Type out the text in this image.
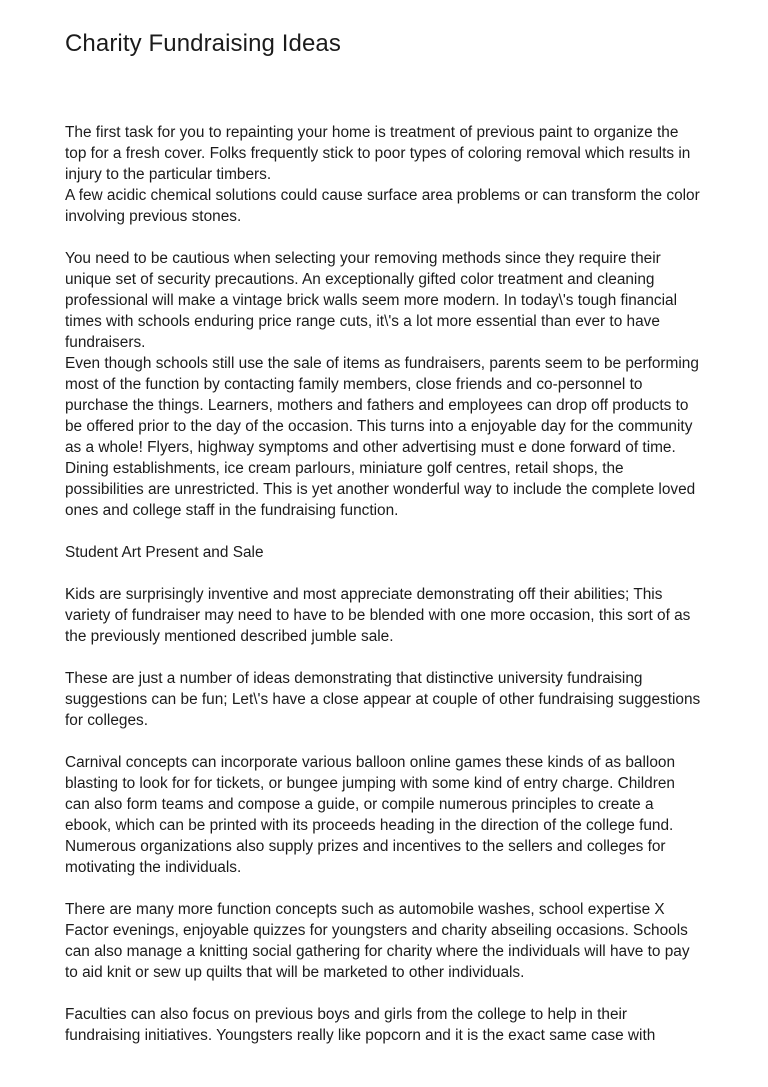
Charity Fundraising Ideas

The first task for you to repainting your home is treatment of previous paint to organize the top for a fresh cover. Folks frequently stick to poor types of coloring removal which results in injury to the particular timbers.

A few acidic chemical solutions could cause surface area problems or can transform the color involving previous stones.

You need to be cautious when selecting your removing methods since they require their unique set of security precautions. An exceptionally gifted color treatment and cleaning professional will make a vintage brick walls seem more modern. In today\'s tough financial times with schools enduring price range cuts, it\'s a lot more essential than ever to have fundraisers.

Even though schools still use the sale of items as fundraisers, parents seem to be performing most of the function by contacting family members, close friends and co-personnel to purchase the things. Learners, mothers and fathers and employees can drop off products to be offered prior to the day of the occasion. This turns into a enjoyable day for the community as a whole! Flyers, highway symptoms and other advertising must e done forward of time. Dining establishments, ice cream parlours, miniature golf centres, retail shops, the possibilities are unrestricted. This is yet another wonderful way to include the complete loved ones and college staff in the fundraising function.

Student Art Present and Sale

Kids are surprisingly inventive and most appreciate demonstrating off their abilities; This variety of fundraiser may need to have to be blended with one more occasion, this sort of as the previously mentioned described jumble sale.

These are just a number of ideas demonstrating that distinctive university fundraising suggestions can be fun; Let\'s have a close appear at couple of other fundraising suggestions for colleges.

Carnival concepts can incorporate various balloon online games these kinds of as balloon blasting to look for for tickets, or bungee jumping with some kind of entry charge. Children can also form teams and compose a guide, or compile numerous principles to create a ebook, which can be printed with its proceeds heading in the direction of the college fund. Numerous organizations also supply prizes and incentives to the sellers and colleges for motivating the individuals.

There are many more function concepts such as automobile washes, school expertise X Factor evenings, enjoyable quizzes for youngsters and charity abseiling occasions. Schools can also manage a knitting social gathering for charity where the individuals will have to pay to aid knit or sew up quilts that will be marketed to other individuals.

Faculties can also focus on previous boys and girls from the college to help in their fundraising initiatives. Youngsters really like popcorn and it is the exact same case with
